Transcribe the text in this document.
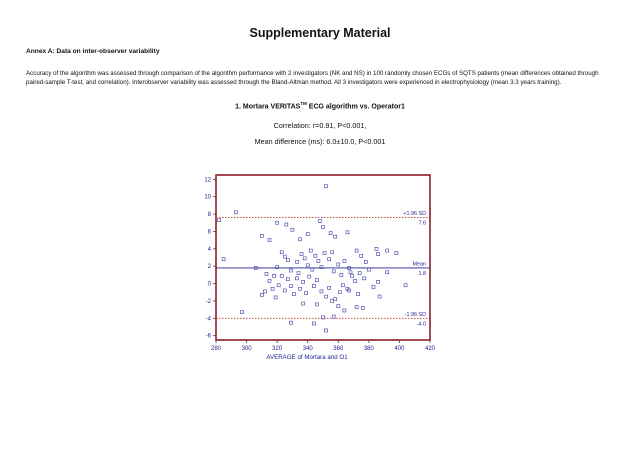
Supplementary Material
Annex A: Data on inter-observer variability
Accuracy of the algorithm was assessed through comparison of the algorithm performance with 2 investigators (NK and NS) in 100 randomly chosen ECGs of SQTS patients (mean differences obtained through paired-sample T-test, and correlation). Interobserver variability was assessed through the Bland-Altman method. All 3 investigators were experienced in electrophysiology (mean 3.3 years training).
1. Mortara VERITAS™ ECG algorithm vs. Operator1
Correlation: r=0.91, P<0.001,
Mean difference (ms): 6.0±10.0, P<0.001
+1.96 SD
7.6
Mean
1.8
-1.96 SD
-4.0
280	300	320	340	360	380	400	420
-6
-4
-2
0
2
4
6
8
10
12
AVERAGE of Mortara and O1
